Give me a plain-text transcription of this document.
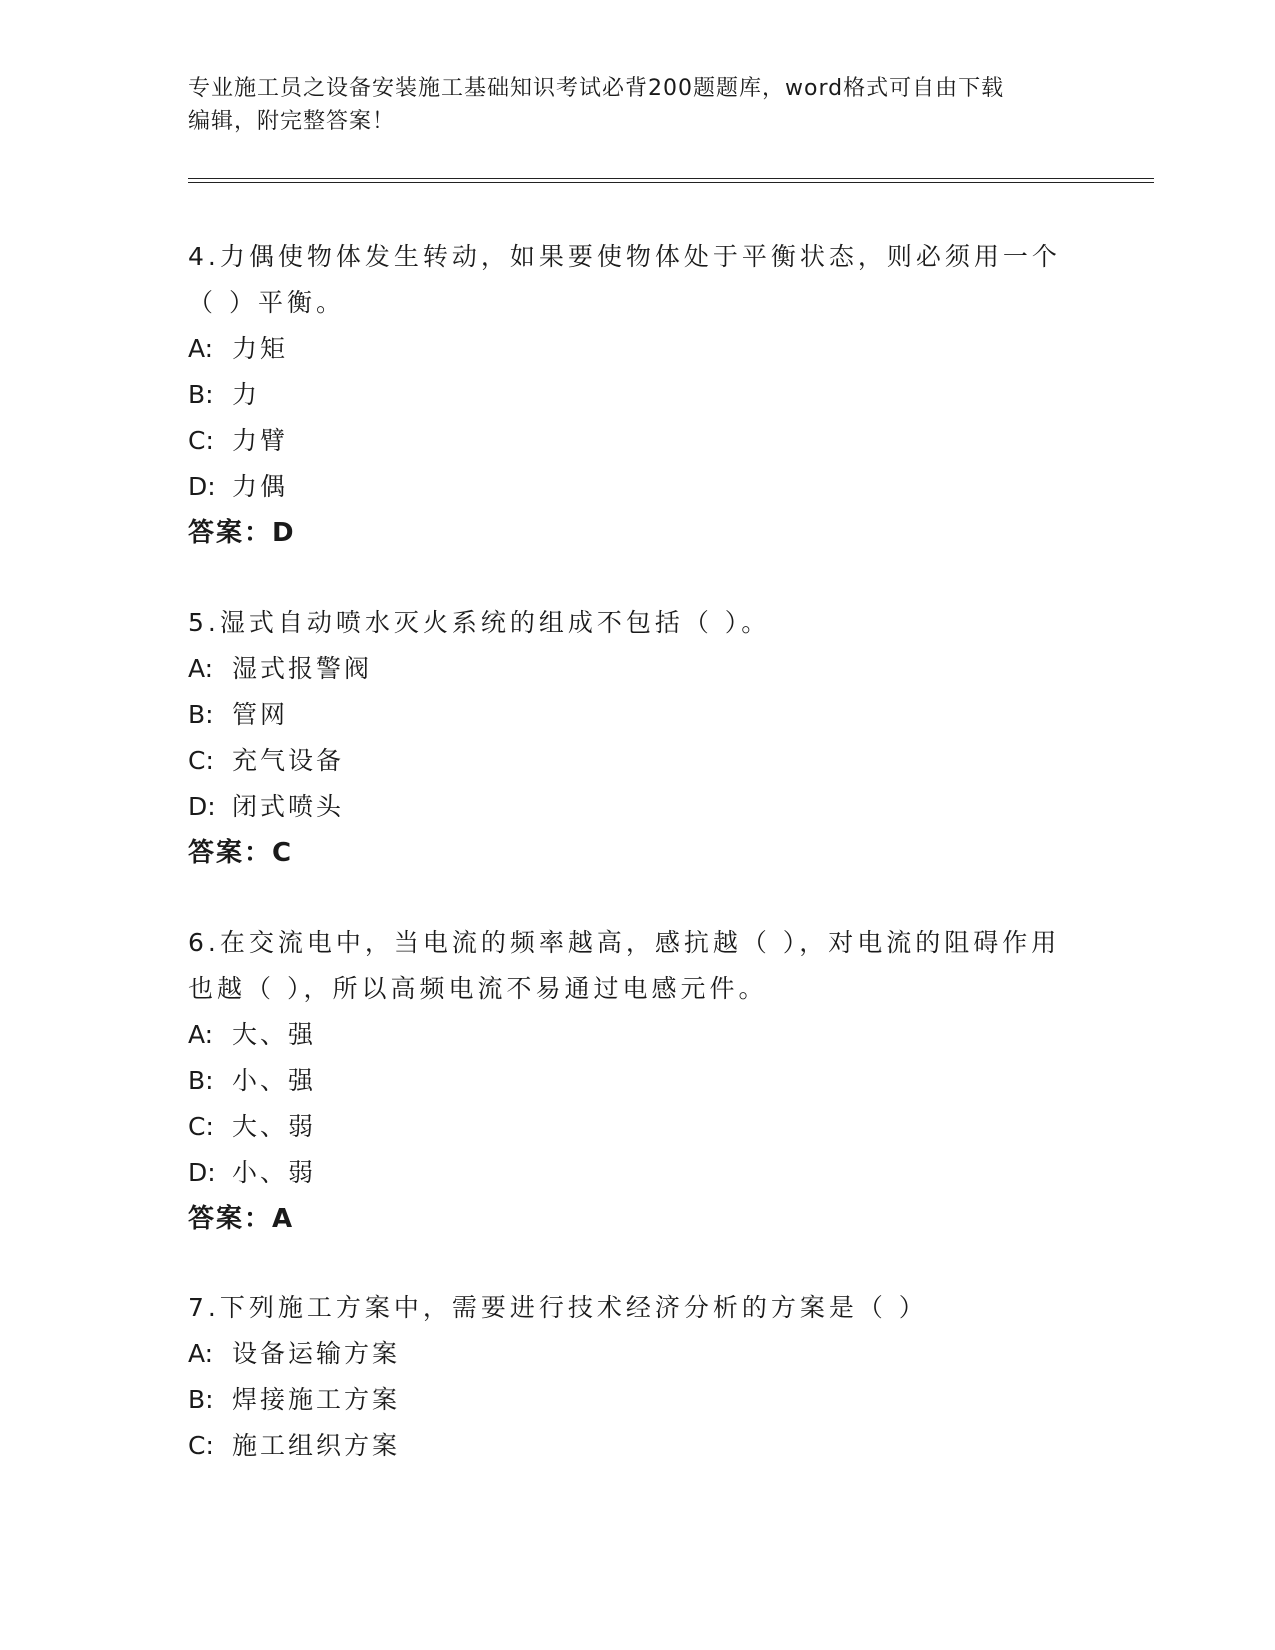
专业施工员之设备安装施工基础知识考试必背200题题库，word格式可自由下载
编辑，附完整答案！
4.力偶使物体发生转动，如果要使物体处于平衡状态，则必须用一个
（ ）平衡。
A: 力矩
B: 力
C: 力臂
D: 力偶
答案：D
5.湿式自动喷水灭火系统的组成不包括（ ）。
A: 湿式报警阀
B: 管网
C: 充气设备
D: 闭式喷头
答案：C
6.在交流电中，当电流的频率越高，感抗越（ ），对电流的阻碍作用
也越（ ），所以高频电流不易通过电感元件。
A: 大、强
B: 小、强
C: 大、弱
D: 小、弱
答案：A
7.下列施工方案中，需要进行技术经济分析的方案是（ ）
A: 设备运输方案
B: 焊接施工方案
C: 施工组织方案
